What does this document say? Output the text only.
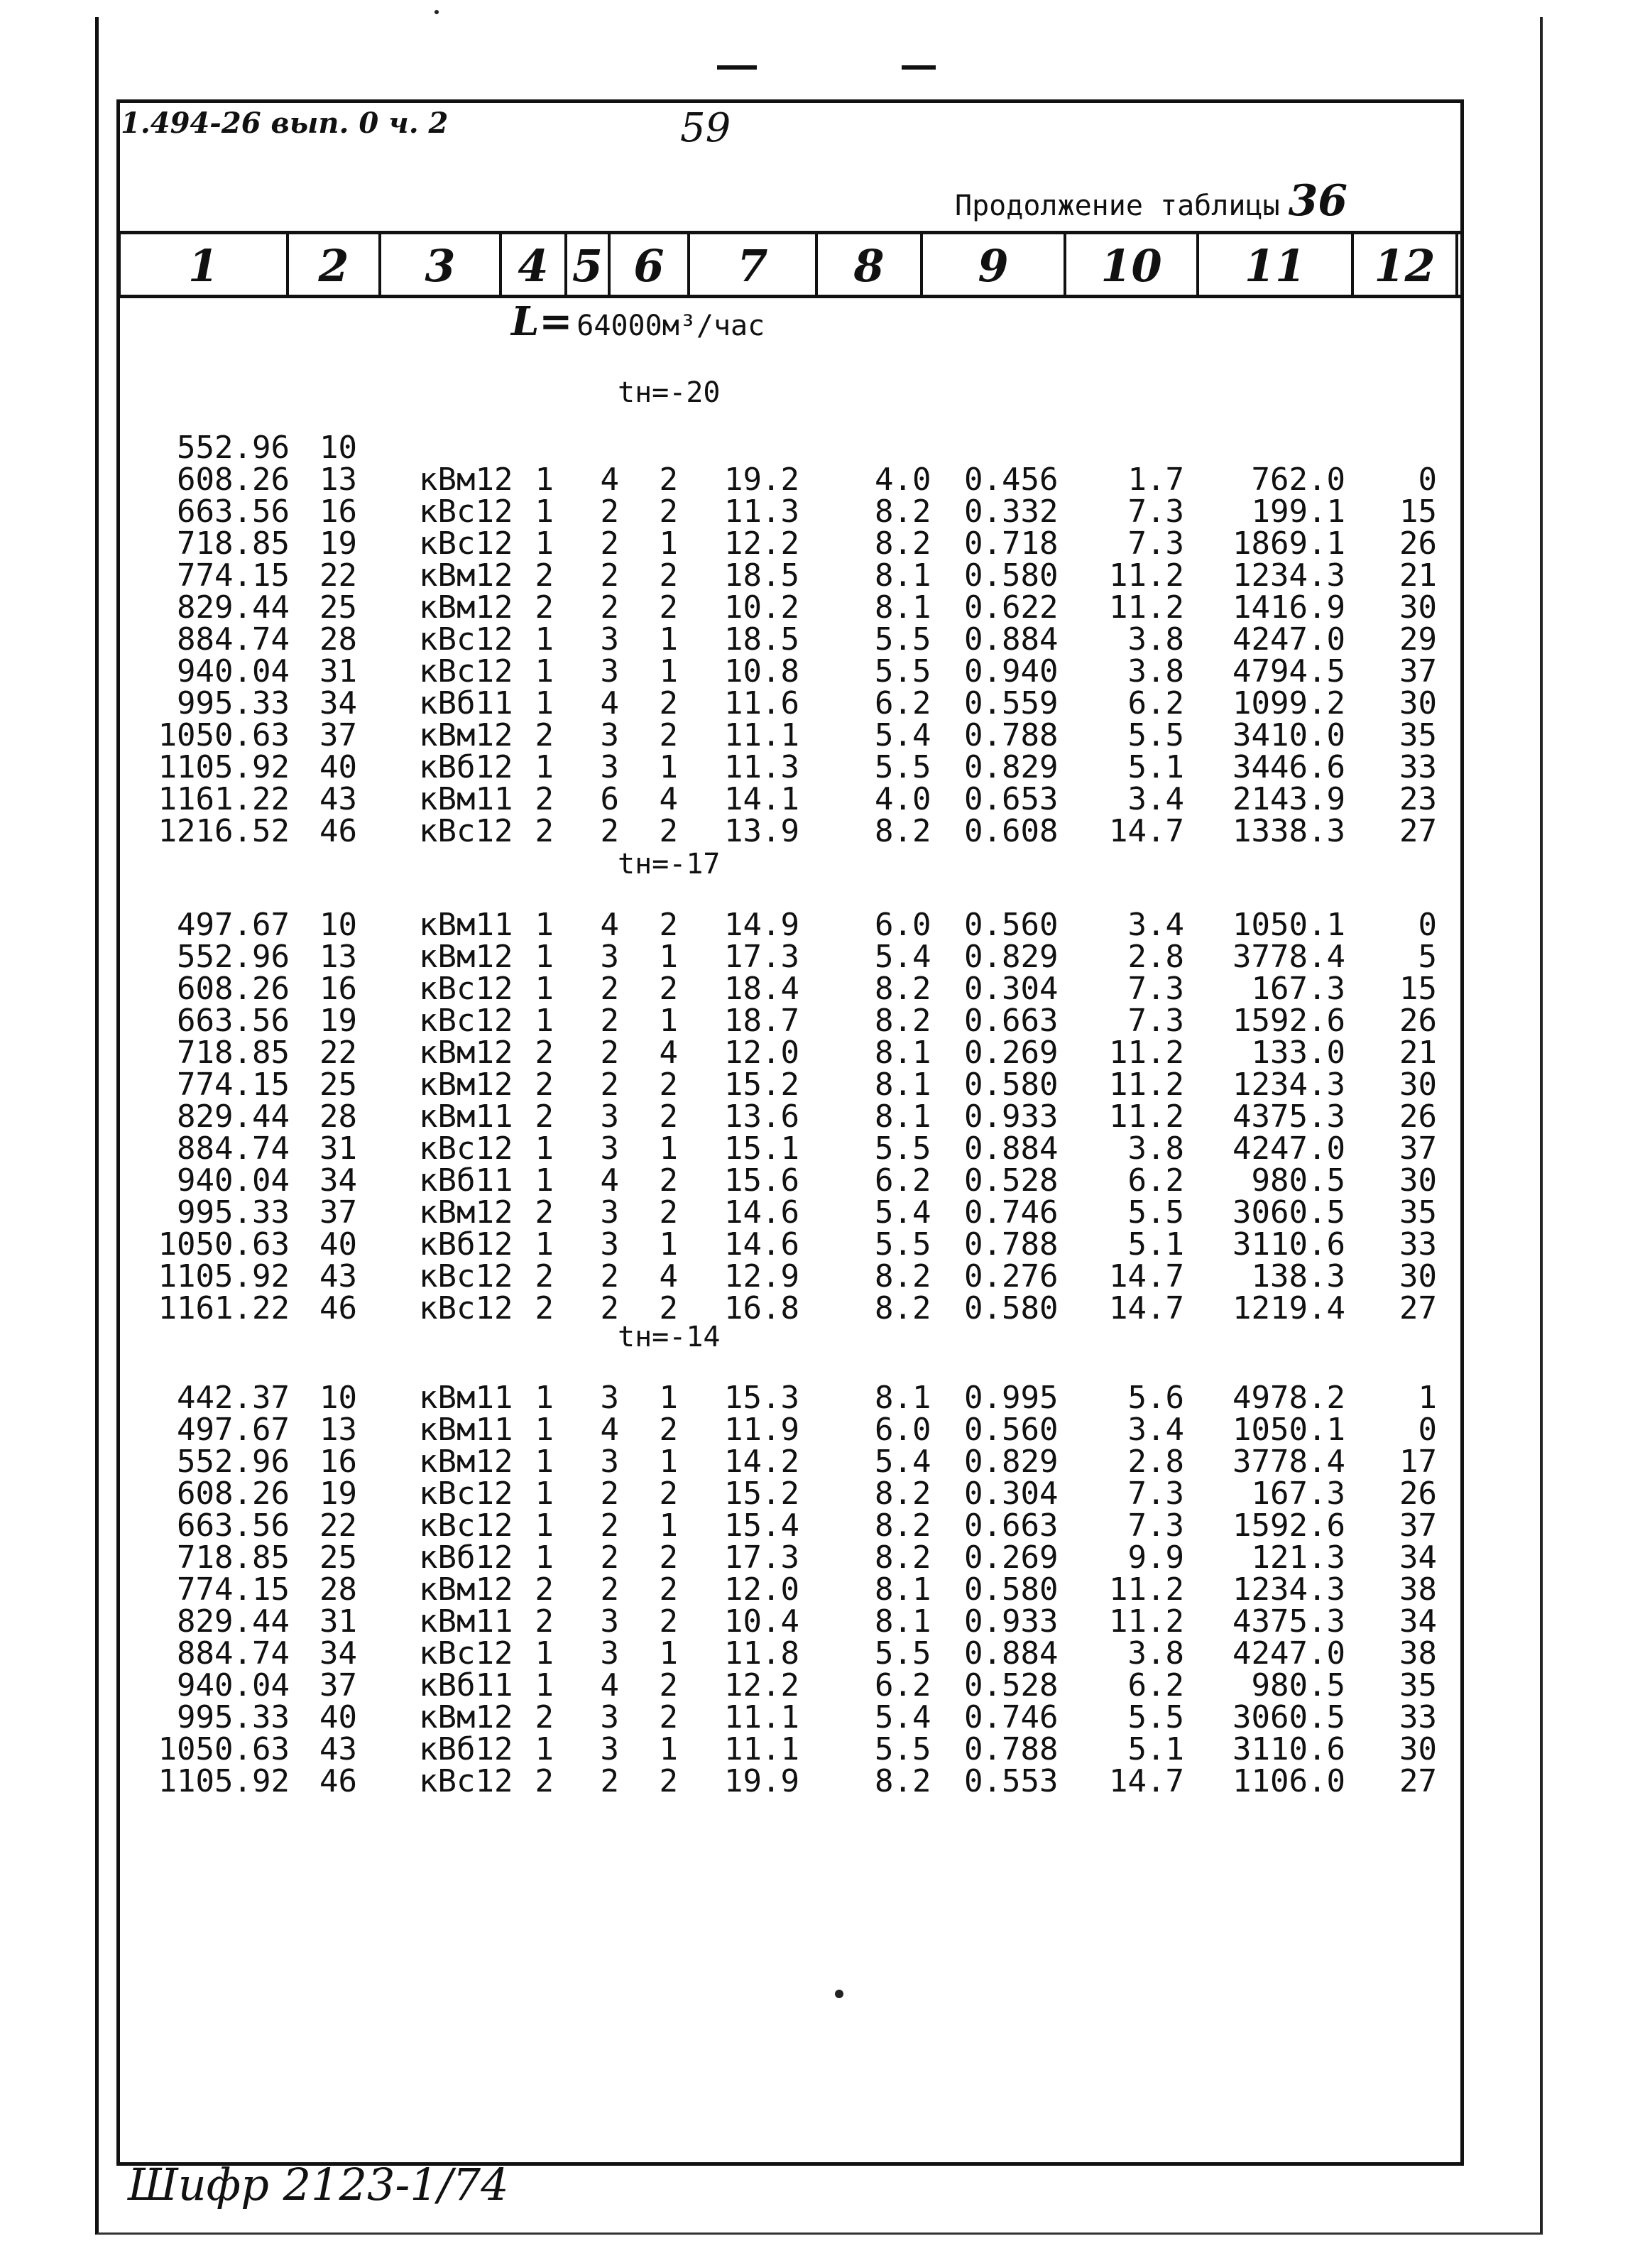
1.494-26 вып. 0 ч. 2	59
Продолжение таблицы 36
1	2	3	4 5 6	7	8	9	10	11	12
L= 64000м³/час
tн=-20
552.96 10
608.26 13 кВм12 1 4 2 19.2 4.0 0.456 1.7 762.0 0
663.56 16 кВс12 1 2 2 11.3 8.2 0.332 7.3 199.1 15
718.85 19 кВс12 1 2 1 12.2 8.2 0.718 7.3 1869.1 26
774.15 22 кВм12 2 2 2 18.5 8.1 0.580 11.2 1234.3 21
829.44 25 кВм12 2 2 2 10.2 8.1 0.622 11.2 1416.9 30
884.74 28 кВс12 1 3 1 18.5 5.5 0.884 3.8 4247.0 29
940.04 31 кВс12 1 3 1 10.8 5.5 0.940 3.8 4794.5 37
995.33 34 кВб11 1 4 2 11.6 6.2 0.559 6.2 1099.2 30
1050.63 37 кВм12 2 3 2 11.1 5.4 0.788 5.5 3410.0 35
1105.92 40 кВб12 1 3 1 11.3 5.5 0.829 5.1 3446.6 33
1161.22 43 кВм11 2 6 4 14.1 4.0 0.653 3.4 2143.9 23
1216.52 46 кВс12 2 2 2 13.9 8.2 0.608 14.7 1338.3 27
tн=-17
497.67 10 кВм11 1 4 2 14.9 6.0 0.560 3.4 1050.1 0
552.96 13 кВм12 1 3 1 17.3 5.4 0.829 2.8 3778.4 5
608.26 16 кВс12 1 2 2 18.4 8.2 0.304 7.3 167.3 15
663.56 19 кВс12 1 2 1 18.7 8.2 0.663 7.3 1592.6 26
718.85 22 кВм12 2 2 4 12.0 8.1 0.269 11.2 133.0 21
774.15 25 кВм12 2 2 2 15.2 8.1 0.580 11.2 1234.3 30
829.44 28 кВм11 2 3 2 13.6 8.1 0.933 11.2 4375.3 26
884.74 31 кВс12 1 3 1 15.1 5.5 0.884 3.8 4247.0 37
940.04 34 кВб11 1 4 2 15.6 6.2 0.528 6.2 980.5 30
995.33 37 кВм12 2 3 2 14.6 5.4 0.746 5.5 3060.5 35
1050.63 40 кВб12 1 3 1 14.6 5.5 0.788 5.1 3110.6 33
1105.92 43 кВс12 2 2 4 12.9 8.2 0.276 14.7 138.3 30
1161.22 46 кВс12 2 2 2 16.8 8.2 0.580 14.7 1219.4 27
tн=-14
442.37 10 кВм11 1 3 1 15.3 8.1 0.995 5.6 4978.2 1
497.67 13 кВм11 1 4 2 11.9 6.0 0.560 3.4 1050.1 0
552.96 16 кВм12 1 3 1 14.2 5.4 0.829 2.8 3778.4 17
608.26 19 кВс12 1 2 2 15.2 8.2 0.304 7.3 167.3 26
663.56 22 кВс12 1 2 1 15.4 8.2 0.663 7.3 1592.6 37
718.85 25 кВб12 1 2 2 17.3 8.2 0.269 9.9 121.3 34
774.15 28 кВм12 2 2 2 12.0 8.1 0.580 11.2 1234.3 38
829.44 31 кВм11 2 3 2 10.4 8.1 0.933 11.2 4375.3 34
884.74 34 кВс12 1 3 1 11.8 5.5 0.884 3.8 4247.0 38
940.04 37 кВб11 1 4 2 12.2 6.2 0.528 6.2 980.5 35
995.33 40 кВм12 2 3 2 11.1 5.4 0.746 5.5 3060.5 33
1050.63 43 кВб12 1 3 1 11.1 5.5 0.788 5.1 3110.6 30
1105.92 46 кВс12 2 2 2 19.9 8.2 0.553 14.7 1106.0 27
Шифр 2123-1/74
